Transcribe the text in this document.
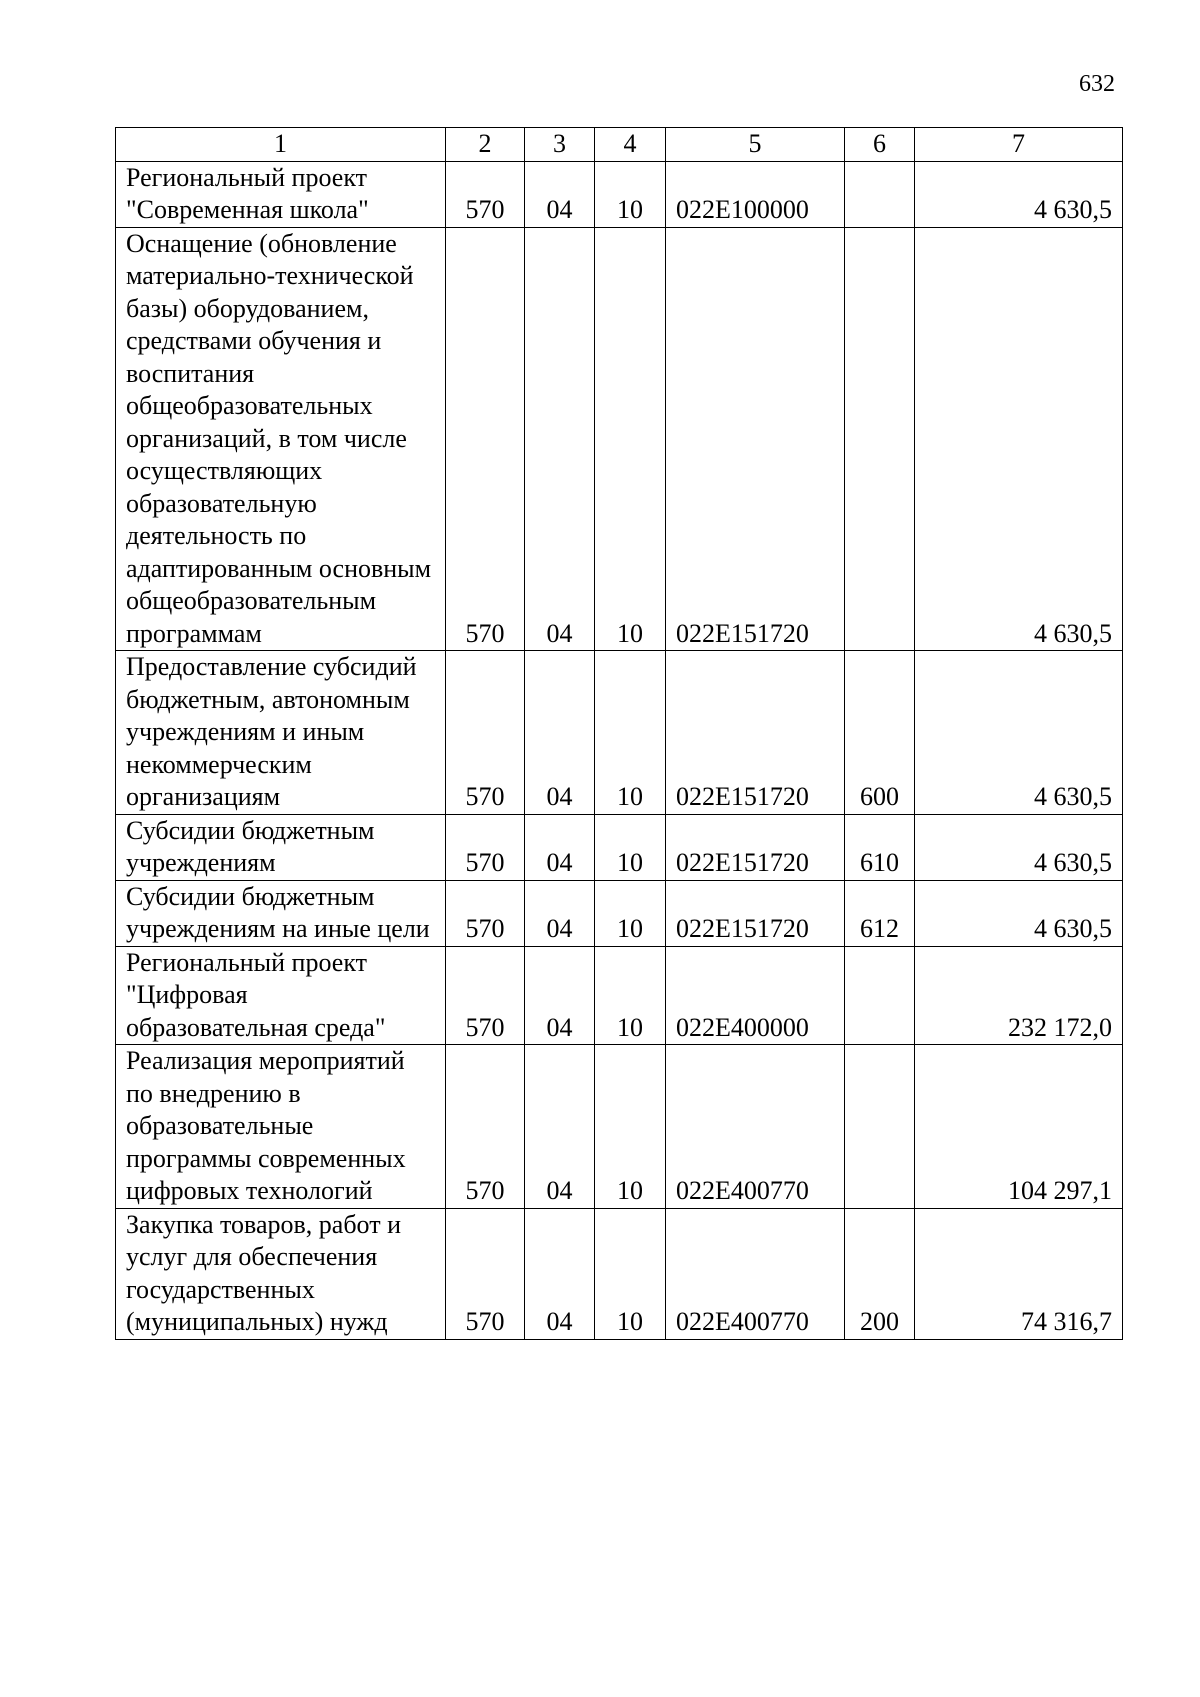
632
1	2	3	4	5	6	7
Региональный проект "Современная школа"	570	04	10	022E100000		4 630,5
Оснащение (обновление материально-технической базы) оборудованием, средствами обучения и воспитания общеобразовательных организаций, в том числе осуществляющих образовательную деятельность по адаптированным основным общеобразовательным программам	570	04	10	022E151720		4 630,5
Предоставление субсидий бюджетным, автономным учреждениям и иным некоммерческим организациям	570	04	10	022E151720	600	4 630,5
Субсидии бюджетным учреждениям	570	04	10	022E151720	610	4 630,5
Субсидии бюджетным учреждениям на иные цели	570	04	10	022E151720	612	4 630,5
Региональный проект "Цифровая образовательная среда"	570	04	10	022E400000		232 172,0
Реализация мероприятий по внедрению в образовательные программы современных цифровых технологий	570	04	10	022E400770		104 297,1
Закупка товаров, работ и услуг для обеспечения государственных (муниципальных) нужд	570	04	10	022E400770	200	74 316,7
